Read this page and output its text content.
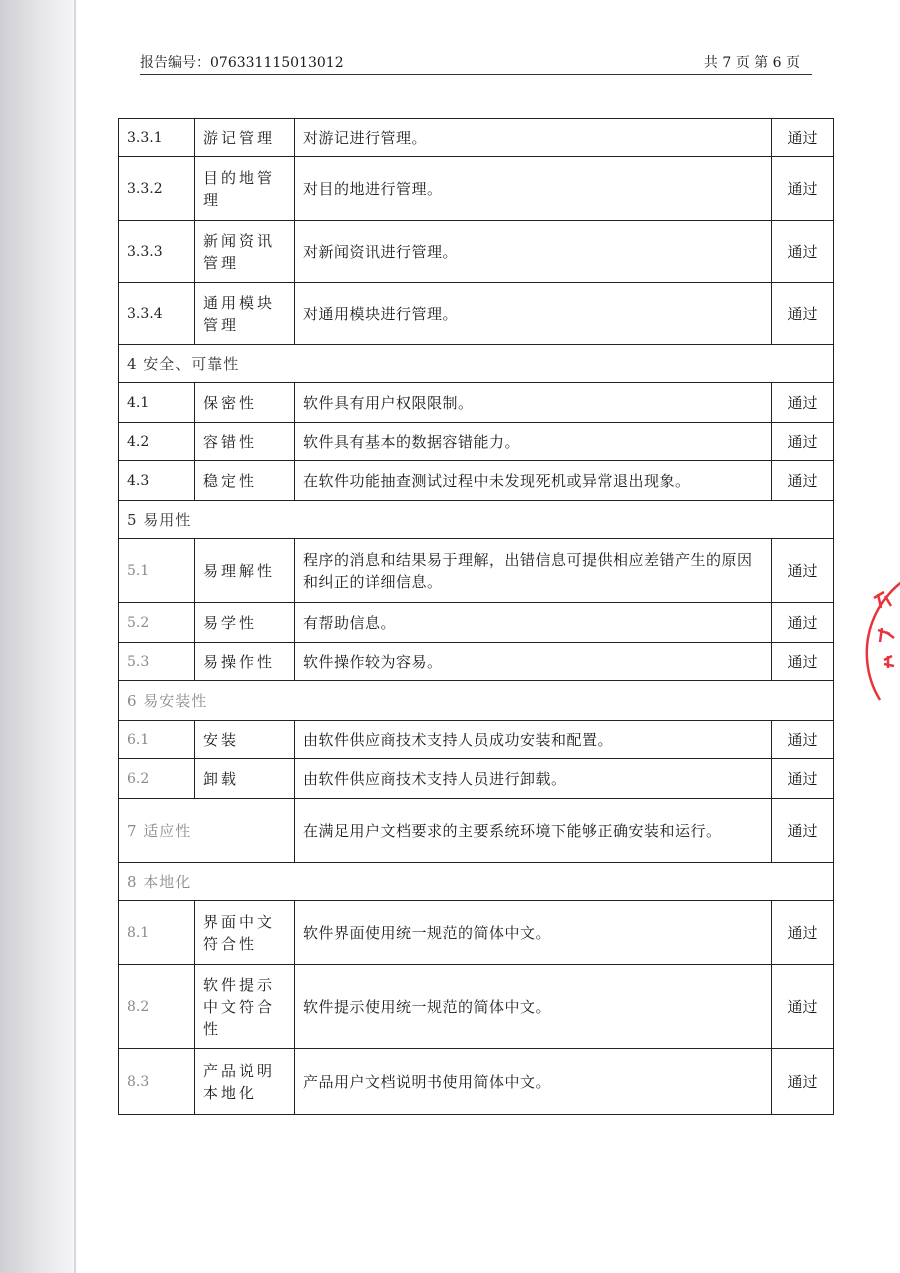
报告编号：076331115013012	共 7 页 第 6 页
3.3.1	游记管理	对游记进行管理。	通过
3.3.2	目的地管理	对目的地进行管理。	通过
3.3.3	新闻资讯管理	对新闻资讯进行管理。	通过
3.3.4	通用模块管理	对通用模块进行管理。	通过
4 安全、可靠性			
4.1	保密性	软件具有用户权限限制。	通过
4.2	容错性	软件具有基本的数据容错能力。	通过
4.3	稳定性	在软件功能抽查测试过程中未发现死机或异常退出现象。	通过
5 易用性			
5.1	易理解性	程序的消息和结果易于理解，出错信息可提供相应差错产生的原因和纠正的详细信息。	通过
5.2	易学性	有帮助信息。	通过
5.3	易操作性	软件操作较为容易。	通过
6 易安装性			
6.1	安装	由软件供应商技术支持人员成功安装和配置。	通过
6.2	卸载	由软件供应商技术支持人员进行卸载。	通过
7 适应性		在满足用户文档要求的主要系统环境下能够正确安装和运行。	通过
8 本地化			
8.1	界面中文符合性	软件界面使用统一规范的简体中文。	通过
8.2	软件提示中文符合性	软件提示使用统一规范的简体中文。	通过
8.3	产品说明本地化	产品用户文档说明书使用简体中文。	通过
